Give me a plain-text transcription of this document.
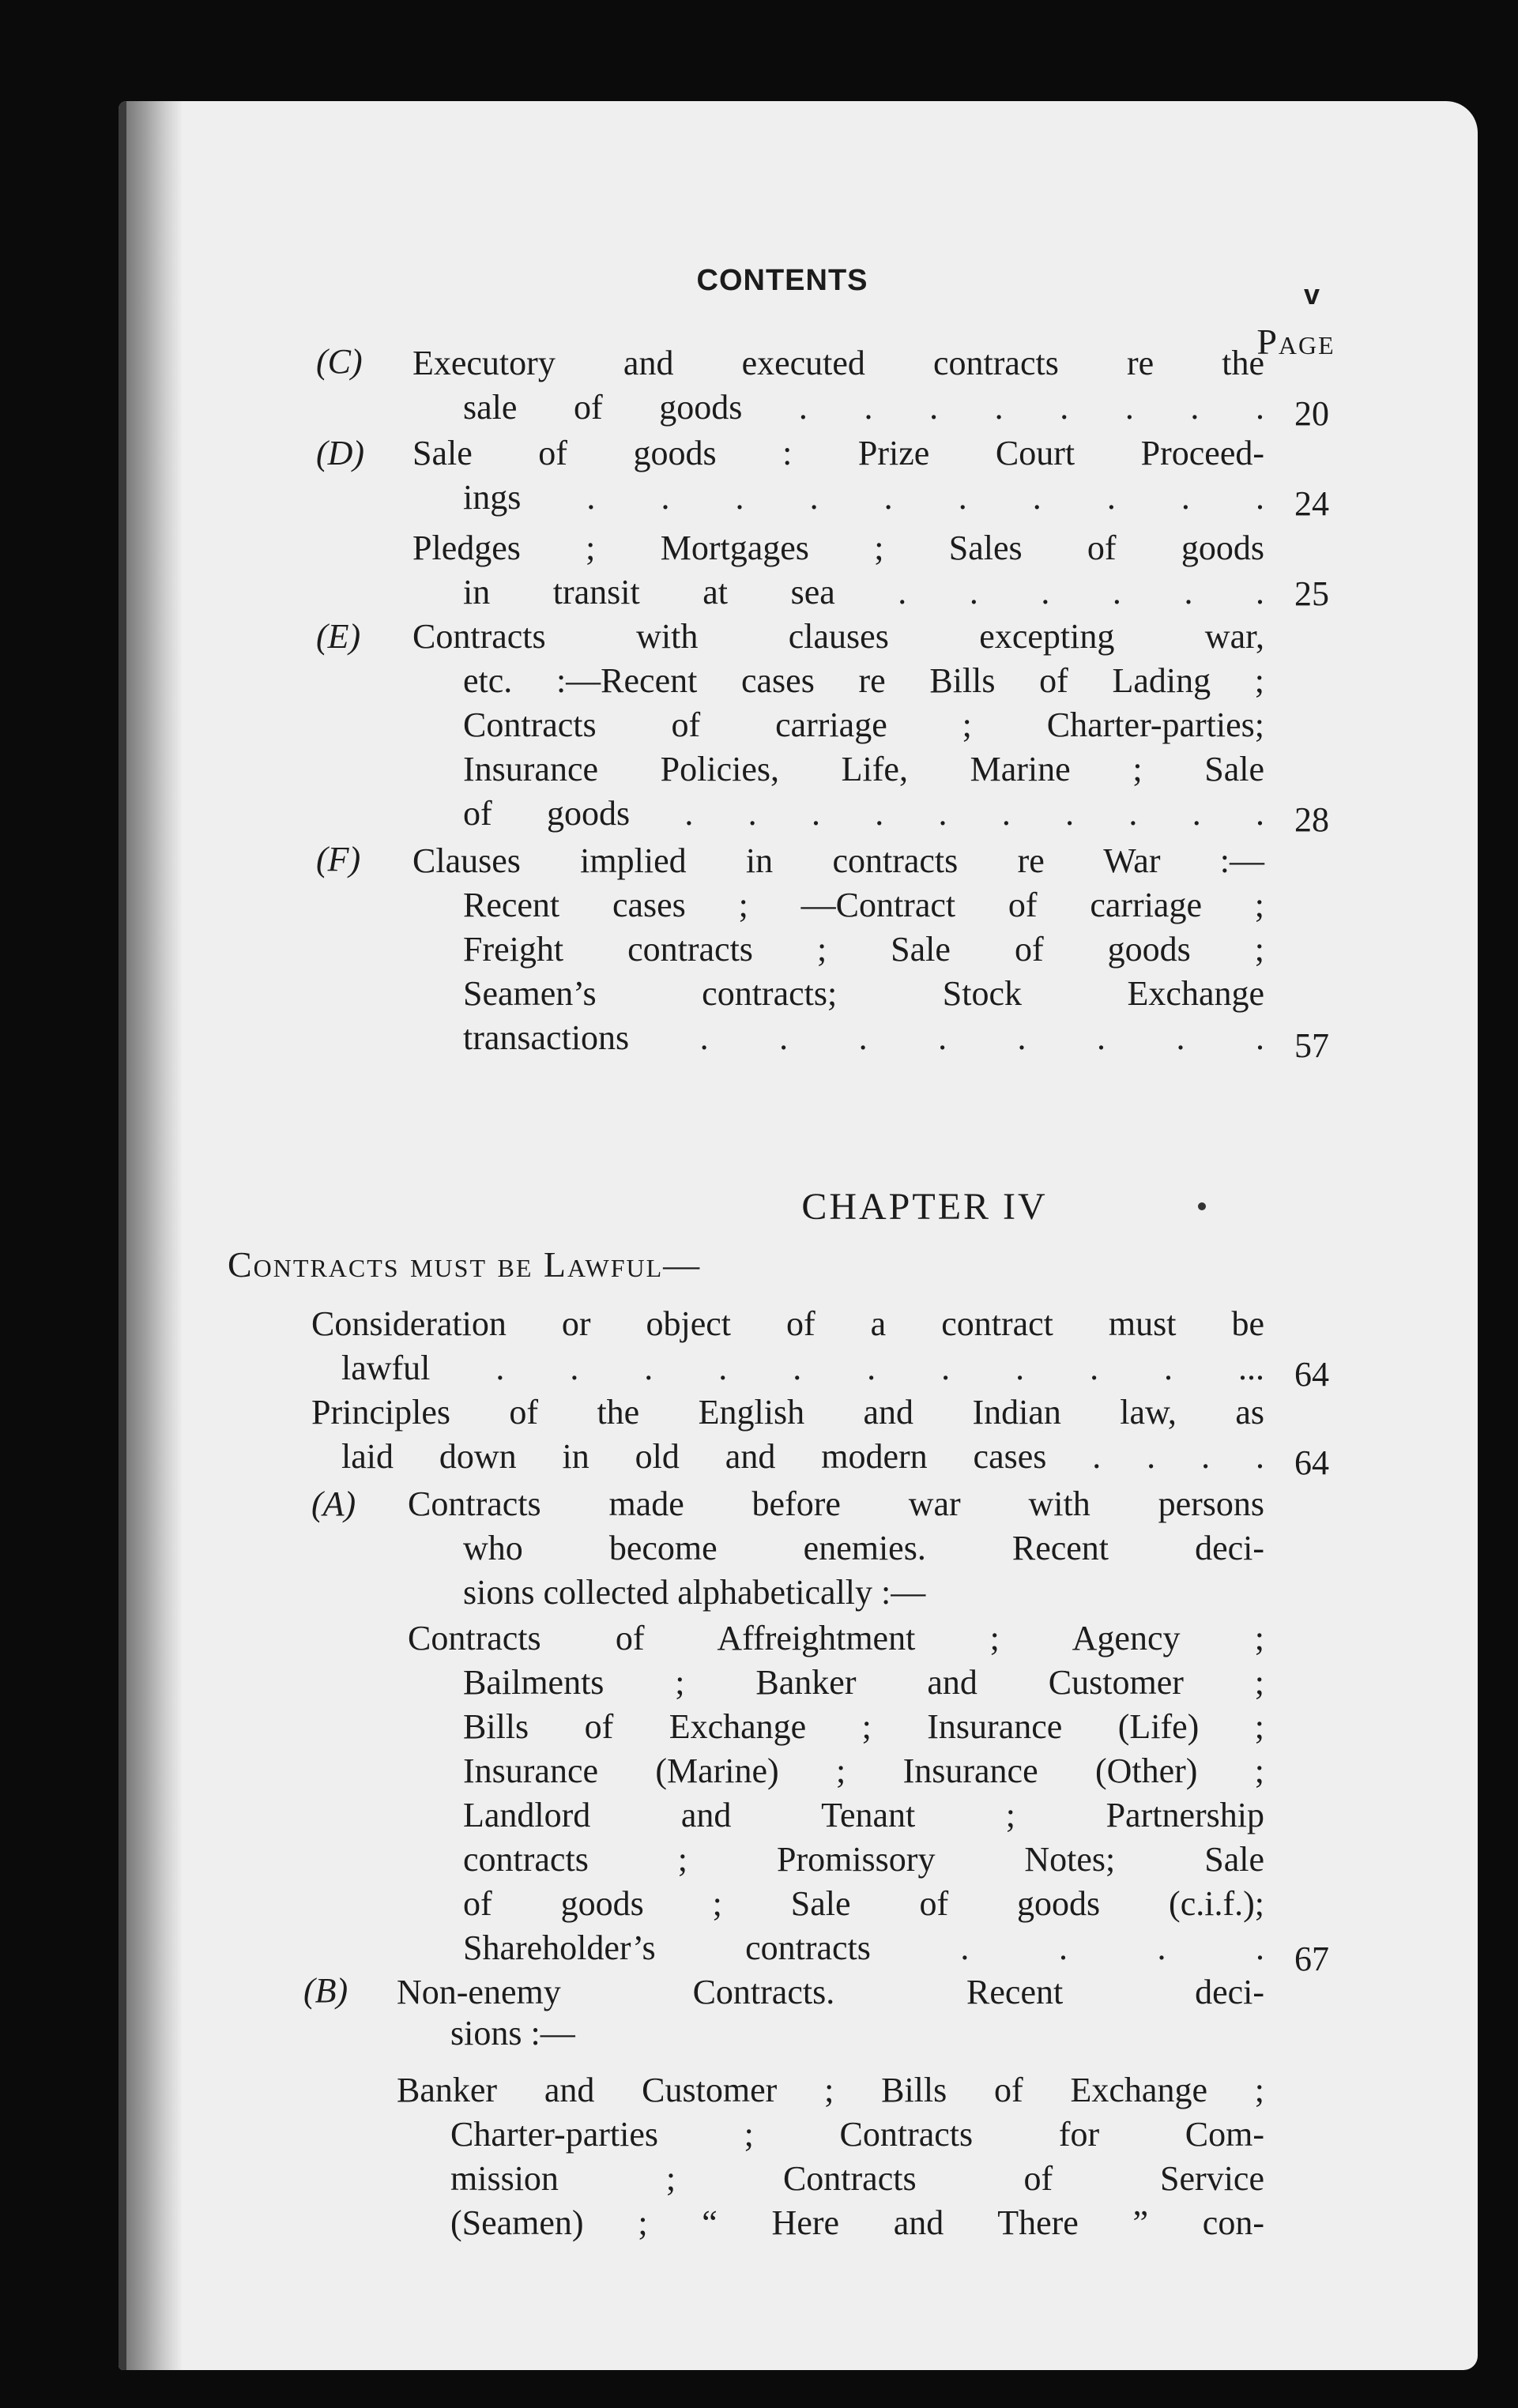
CONTENTS	v
Page
(C) Executory and executed contracts re the
sale of goods . . . . . . . . 20
(D) Sale of goods : Prize Court Proceed-
ings . . . . . . . . . . 24
Pledges ; Mortgages ; Sales of goods
in transit at sea . . . . . . 25
(E) Contracts with clauses excepting war,
etc. :—Recent cases re Bills of Lading ;
Contracts of carriage ; Charter-parties;
Insurance Policies, Life, Marine ; Sale
of goods . . . . . . . . . . 28
(F) Clauses implied in contracts re War :—
Recent cases ; —Contract of carriage ;
Freight contracts ; Sale of goods ;
Seamen’s contracts; Stock Exchange
transactions . . . . . . . . 57
CHAPTER IV
Contracts must be Lawful—
Consideration or object of a contract must be
lawful . . . . . . . . . . ... 64
Principles of the English and Indian law, as
laid down in old and modern cases . . . . 64
(A) Contracts made before war with persons
who become enemies. Recent deci-
sions collected alphabetically :—
Contracts of Affreightment ; Agency ;
Bailments ; Banker and Customer ;
Bills of Exchange ; Insurance (Life) ;
Insurance (Marine) ; Insurance (Other) ;
Landlord and Tenant ; Partnership
contracts ; Promissory Notes; Sale
of goods ; Sale of goods (c.i.f.);
Shareholder’s contracts . . . . 67
(B) Non-enemy Contracts. Recent deci-
sions :—
Banker and Customer ; Bills of Exchange ;
Charter-parties ; Contracts for Com-
mission ; Contracts of Service
(Seamen) ; “ Here and There ” con-
